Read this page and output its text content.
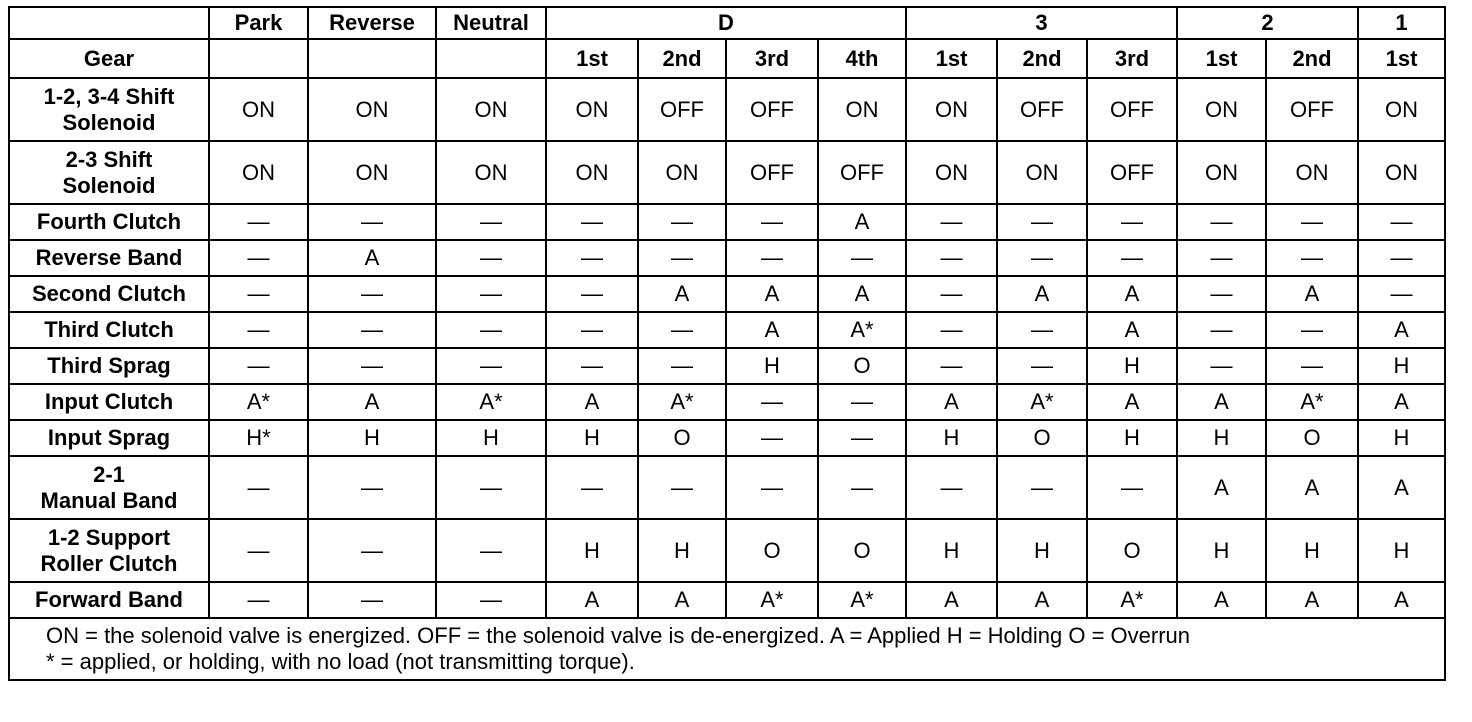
	Park	Reverse	Neutral	D				3			2		1
Gear				1st	2nd	3rd	4th	1st	2nd	3rd	1st	2nd	1st
1-2, 3-4 Shift
Solenoid	ON	ON	ON	ON	OFF	OFF	ON	ON	OFF	OFF	ON	OFF	ON
2-3 Shift
Solenoid	ON	ON	ON	ON	ON	OFF	OFF	ON	ON	OFF	ON	ON	ON
Fourth Clutch	—	—	—	—	—	—	A	—	—	—	—	—	—
Reverse Band	—	A	—	—	—	—	—	—	—	—	—	—	—
Second Clutch	—	—	—	—	A	A	A	—	A	A	—	A	—
Third Clutch	—	—	—	—	—	A	A*	—	—	A	—	—	A
Third Sprag	—	—	—	—	—	H	O	—	—	H	—	—	H
Input Clutch	A*	A	A*	A	A*	—	—	A	A*	A	A	A*	A
Input Sprag	H*	H	H	H	O	—	—	H	O	H	H	O	H
2-1
Manual Band	—	—	—	—	—	—	—	—	—	—	A	A	A
1-2 Support
Roller Clutch	—	—	—	H	H	O	O	H	H	O	H	H	H
Forward Band	—	—	—	A	A	A*	A*	A	A	A*	A	A	A

ON = the solenoid valve is energized. OFF = the solenoid valve is de-energized. A = Applied H = Holding O = Overrun
* = applied, or holding, with no load (not transmitting torque).													
